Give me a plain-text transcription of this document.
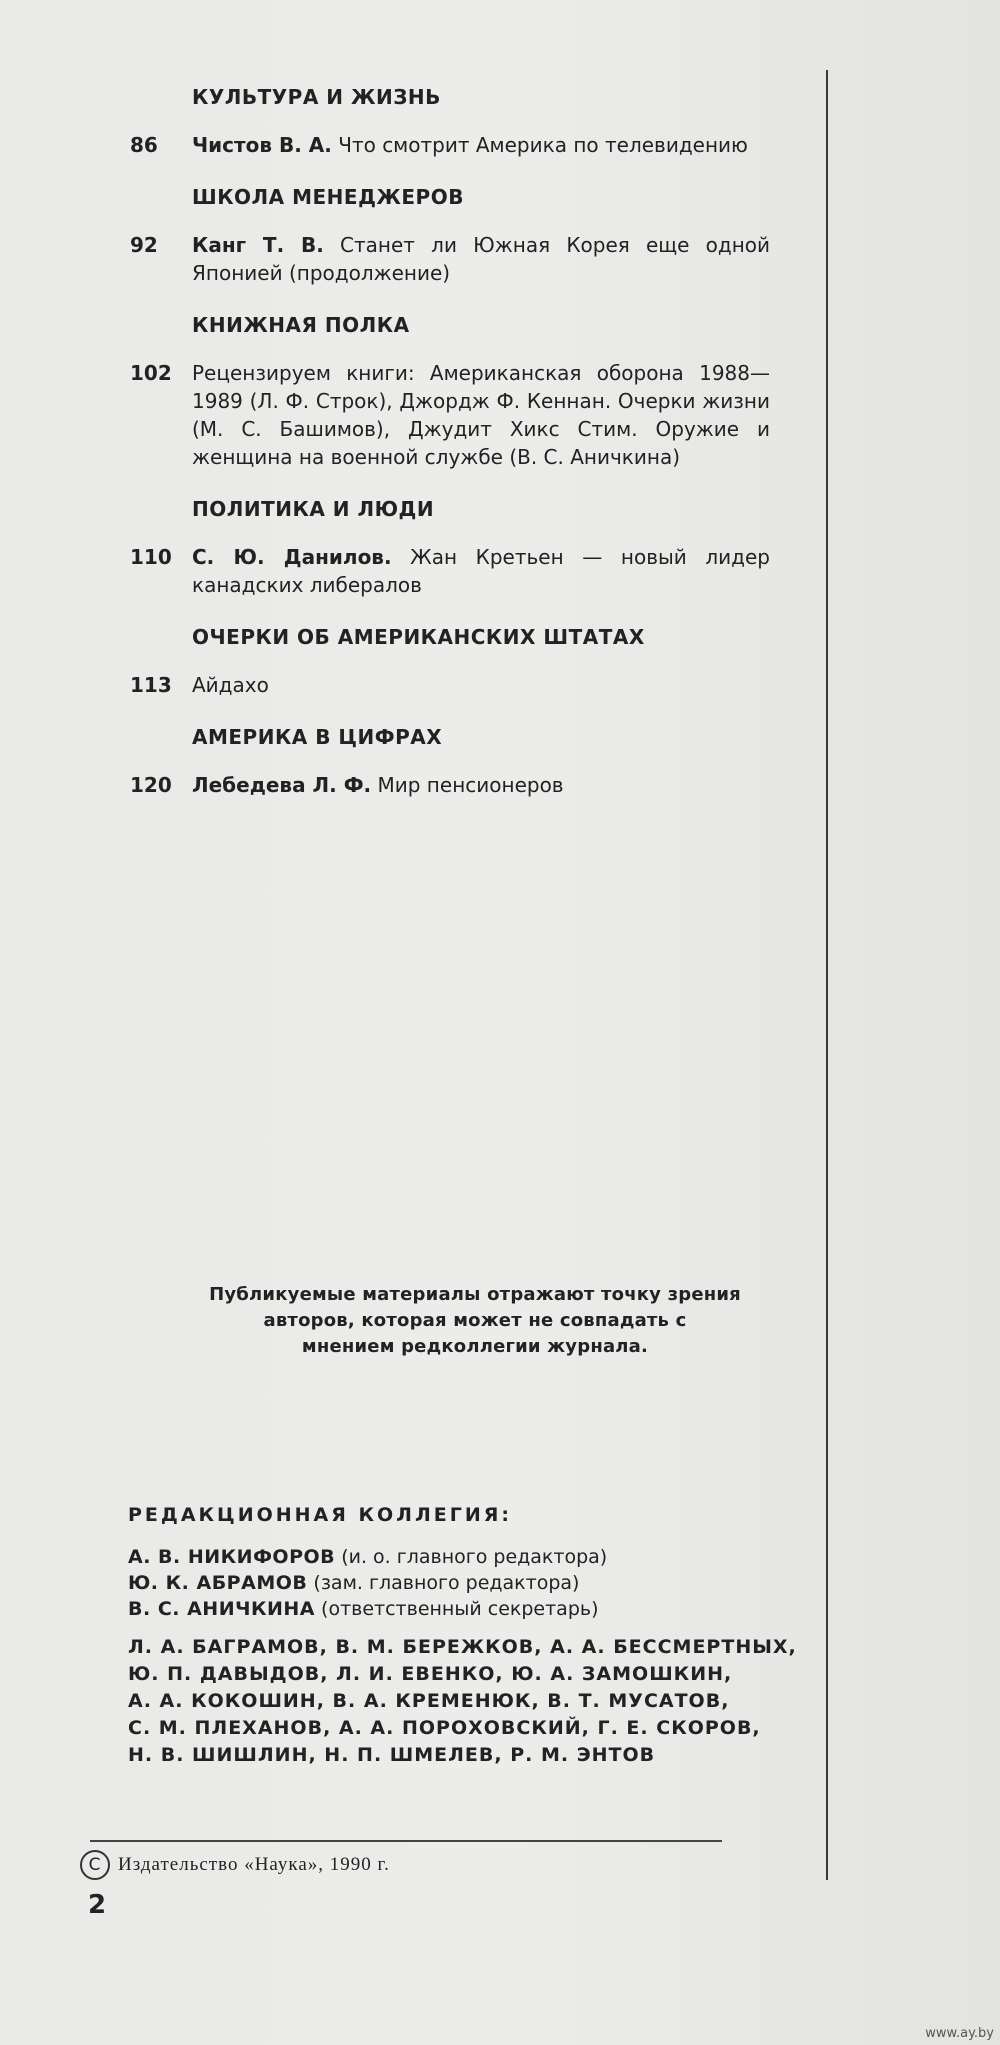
КУЛЬТУРА И ЖИЗНЬ
86	Чистов В. А. Что смотрит Америка по телевидению
ШКОЛА МЕНЕДЖЕРОВ
92	Канг Т. В. Станет ли Южная Корея еще одной Японией (продолжение)
КНИЖНАЯ ПОЛКА
102	Рецензируем книги: Американская оборона 1988—1989 (Л. Ф. Строк), Джордж Ф. Кеннан. Очерки жизни (М. С. Башимов), Джудит Хикс Стим. Оружие и женщина на военной службе (В. С. Аничкина)
ПОЛИТИКА И ЛЮДИ
110	С. Ю. Данилов. Жан Кретьен — новый лидер канадских либералов
ОЧЕРКИ ОБ АМЕРИКАНСКИХ ШТАТАХ
113	Айдахо
АМЕРИКА В ЦИФРАХ
120	Лебедева Л. Ф. Мир пенсионеров
Публикуемые материалы отражают точку зрения
авторов, которая может не совпадать с
мнением редколлегии журнала.
РЕДАКЦИОННАЯ КОЛЛЕГИЯ:
А. В. НИКИФОРОВ (и. о. главного редактора)
Ю. К. АБРАМОВ (зам. главного редактора)
В. С. АНИЧКИНА (ответственный секретарь)
Л. А. БАГРАМОВ, В. М. БЕРЕЖКОВ, А. А. БЕССМЕРТНЫХ,
Ю. П. ДАВЫДОВ, Л. И. ЕВЕНКО, Ю. А. ЗАМОШКИН,
А. А. КОКОШИН, В. А. КРЕМЕНЮК, В. Т. МУСАТОВ,
С. М. ПЛЕХАНОВ, А. А. ПОРОХОВСКИЙ, Г. Е. СКОРОВ,
Н. В. ШИШЛИН, Н. П. ШМЕЛЕВ, Р. М. ЭНТОВ
C Издательство «Наука», 1990 г.
2
www.ay.by
